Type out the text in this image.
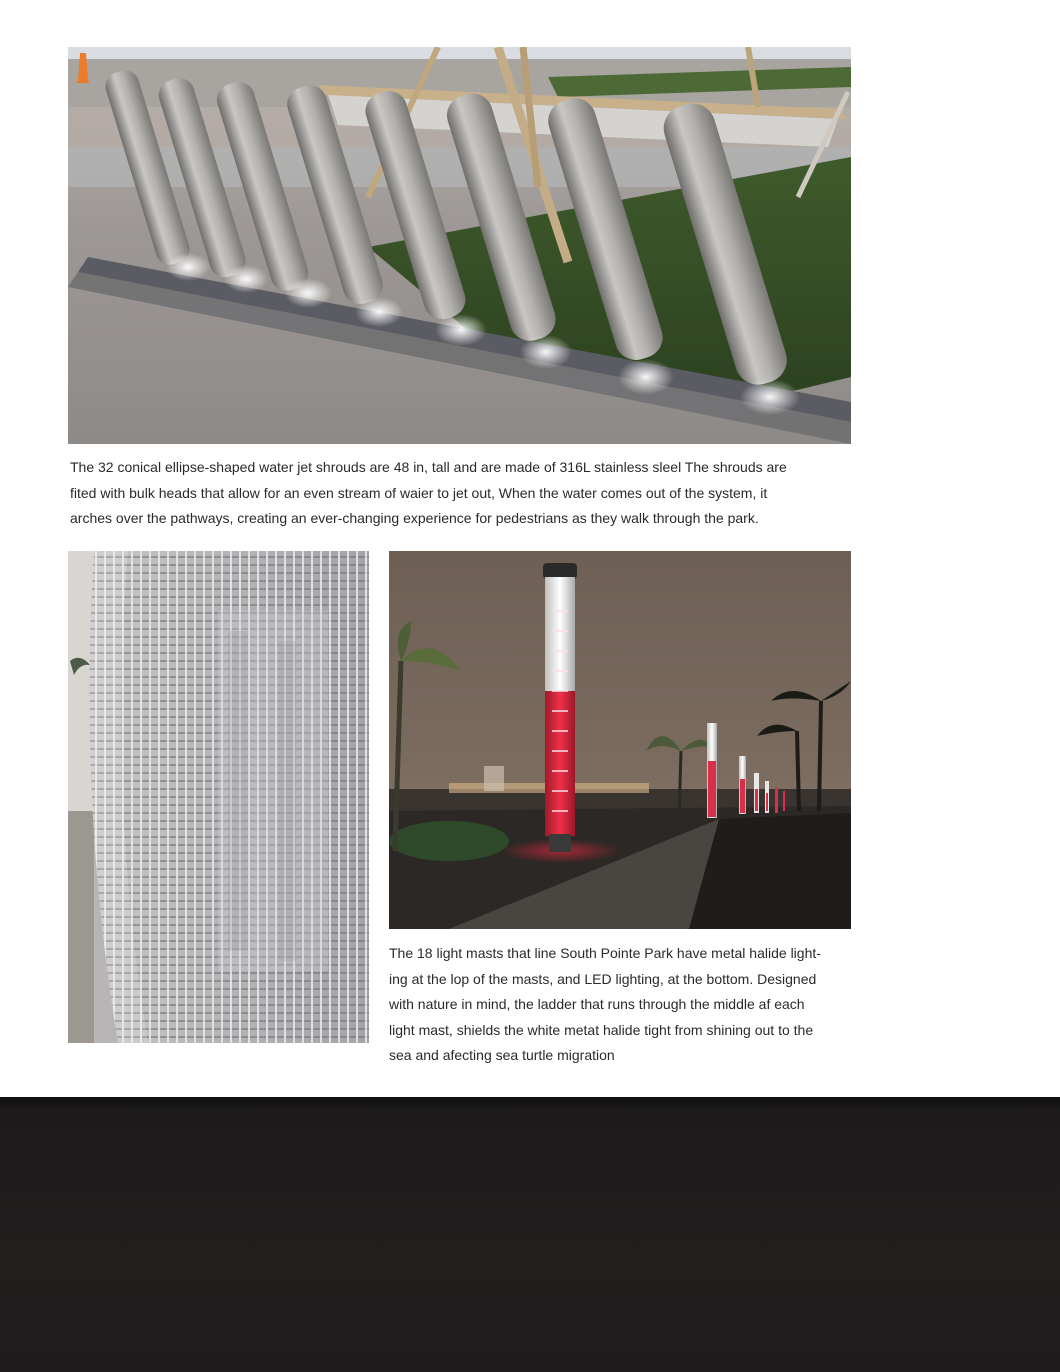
The 32 conical ellipse-shaped water jet shrouds are 48 in, tall and are made of 316L stainless sleel The shrouds are
fited with bulk heads that allow for an even stream of waier to jet out, When the water comes out of the system, it
arches over the pathways, creating an ever-changing experience for pedestrians as they walk through the park.

The 18 light masts that line South Pointe Park have metal halide light-
ing at the lop of the masts, and LED lighting, at the bottom. Designed
with nature in mind, the ladder that runs through the middle af each
light mast, shields the white metat halide tight from shining out to the
sea and afecting sea turtle migration
